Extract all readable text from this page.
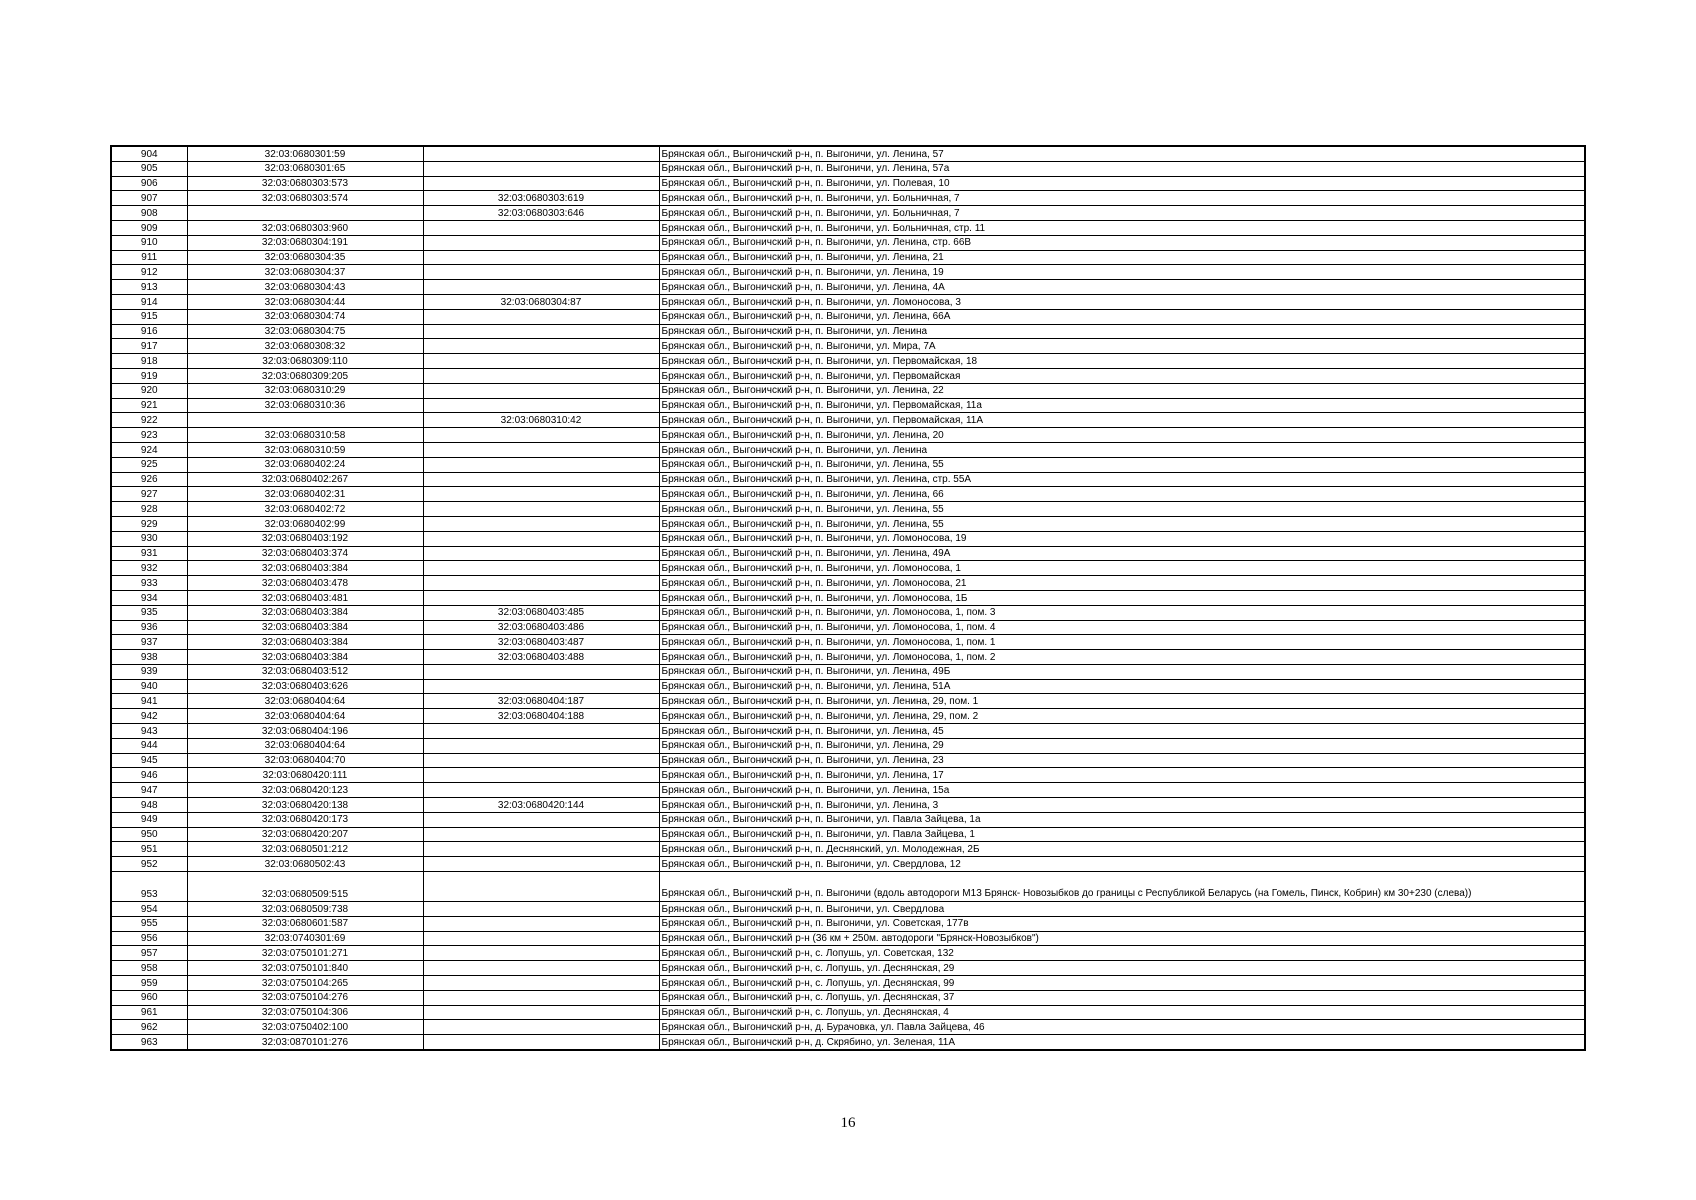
904	32:03:0680301:59		Брянская обл., Выгоничский р-н, п. Выгоничи, ул. Ленина, 57
905	32:03:0680301:65		Брянская обл., Выгоничский р-н, п. Выгоничи, ул. Ленина, 57а
906	32:03:0680303:573		Брянская обл., Выгоничский р-н, п. Выгоничи, ул. Полевая, 10
907	32:03:0680303:574	32:03:0680303:619	Брянская обл., Выгоничский р-н, п. Выгоничи, ул. Больничная, 7
908		32:03:0680303:646	Брянская обл., Выгоничский р-н, п. Выгоничи, ул. Больничная, 7
909	32:03:0680303:960		Брянская обл., Выгоничский р-н, п. Выгоничи, ул. Больничная, стр. 11
910	32:03:0680304:191		Брянская обл., Выгоничский р-н, п. Выгоничи, ул. Ленина, стр. 66В
911	32:03:0680304:35		Брянская обл., Выгоничский р-н, п. Выгоничи, ул. Ленина, 21
912	32:03:0680304:37		Брянская обл., Выгоничский р-н, п. Выгоничи, ул. Ленина, 19
913	32:03:0680304:43		Брянская обл., Выгоничский р-н, п. Выгоничи, ул. Ленина, 4А
914	32:03:0680304:44	32:03:0680304:87	Брянская обл., Выгоничский р-н, п. Выгоничи, ул. Ломоносова, 3
915	32:03:0680304:74		Брянская обл., Выгоничский р-н, п. Выгоничи, ул. Ленина, 66А
916	32:03:0680304:75		Брянская обл., Выгоничский р-н, п. Выгоничи, ул. Ленина
917	32:03:0680308:32		Брянская обл., Выгоничский р-н, п. Выгоничи, ул. Мира, 7А
918	32:03:0680309:110		Брянская обл., Выгоничский р-н, п. Выгоничи, ул. Первомайская, 18
919	32:03:0680309:205		Брянская обл., Выгоничский р-н, п. Выгоничи, ул. Первомайская
920	32:03:0680310:29		Брянская обл., Выгоничский р-н, п. Выгоничи, ул. Ленина, 22
921	32:03:0680310:36		Брянская обл., Выгоничский р-н, п. Выгоничи, ул. Первомайская, 11а
922		32:03:0680310:42	Брянская обл., Выгоничский р-н, п. Выгоничи, ул. Первомайская, 11А
923	32:03:0680310:58		Брянская обл., Выгоничский р-н, п. Выгоничи, ул. Ленина, 20
924	32:03:0680310:59		Брянская обл., Выгоничский р-н, п. Выгоничи, ул. Ленина
925	32:03:0680402:24		Брянская обл., Выгоничский р-н, п. Выгоничи, ул. Ленина, 55
926	32:03:0680402:267		Брянская обл., Выгоничский р-н, п. Выгоничи, ул. Ленина, стр. 55А
927	32:03:0680402:31		Брянская обл., Выгоничский р-н, п. Выгоничи, ул. Ленина, 66
928	32:03:0680402:72		Брянская обл., Выгоничский р-н, п. Выгоничи, ул. Ленина, 55
929	32:03:0680402:99		Брянская обл., Выгоничский р-н, п. Выгоничи, ул. Ленина, 55
930	32:03:0680403:192		Брянская обл., Выгоничский р-н, п. Выгоничи, ул. Ломоносова, 19
931	32:03:0680403:374		Брянская обл., Выгоничский р-н, п. Выгоничи, ул. Ленина, 49А
932	32:03:0680403:384		Брянская обл., Выгоничский р-н, п. Выгоничи, ул. Ломоносова, 1
933	32:03:0680403:478		Брянская обл., Выгоничский р-н, п. Выгоничи, ул. Ломоносова, 21
934	32:03:0680403:481		Брянская обл., Выгоничский р-н, п. Выгоничи, ул. Ломоносова, 1Б
935	32:03:0680403:384	32:03:0680403:485	Брянская обл., Выгоничский р-н, п. Выгоничи, ул. Ломоносова, 1, пом. 3
936	32:03:0680403:384	32:03:0680403:486	Брянская обл., Выгоничский р-н, п. Выгоничи, ул. Ломоносова, 1, пом. 4
937	32:03:0680403:384	32:03:0680403:487	Брянская обл., Выгоничский р-н, п. Выгоничи, ул. Ломоносова, 1, пом. 1
938	32:03:0680403:384	32:03:0680403:488	Брянская обл., Выгоничский р-н, п. Выгоничи, ул. Ломоносова, 1, пом. 2
939	32:03:0680403:512		Брянская обл., Выгоничский р-н, п. Выгоничи, ул. Ленина, 49Б
940	32:03:0680403:626		Брянская обл., Выгоничский р-н, п. Выгоничи, ул. Ленина, 51А
941	32:03:0680404:64	32:03:0680404:187	Брянская обл., Выгоничский р-н, п. Выгоничи, ул. Ленина, 29, пом. 1
942	32:03:0680404:64	32:03:0680404:188	Брянская обл., Выгоничский р-н, п. Выгоничи, ул. Ленина, 29, пом. 2
943	32:03:0680404:196		Брянская обл., Выгоничский р-н, п. Выгоничи, ул. Ленина, 45
944	32:03:0680404:64		Брянская обл., Выгоничский р-н, п. Выгоничи, ул. Ленина, 29
945	32:03:0680404:70		Брянская обл., Выгоничский р-н, п. Выгоничи, ул. Ленина, 23
946	32:03:0680420:111		Брянская обл., Выгоничский р-н, п. Выгоничи, ул. Ленина, 17
947	32:03:0680420:123		Брянская обл., Выгоничский р-н, п. Выгоничи, ул. Ленина, 15а
948	32:03:0680420:138	32:03:0680420:144	Брянская обл., Выгоничский р-н, п. Выгоничи, ул. Ленина, 3
949	32:03:0680420:173		Брянская обл., Выгоничский р-н, п. Выгоничи, ул. Павла Зайцева, 1а
950	32:03:0680420:207		Брянская обл., Выгоничский р-н, п. Выгоничи, ул. Павла Зайцева, 1
951	32:03:0680501:212		Брянская обл., Выгоничский р-н, п. Деснянский, ул. Молодежная, 2Б
952	32:03:0680502:43		Брянская обл., Выгоничский р-н, п. Выгоничи, ул. Свердлова, 12
953	32:03:0680509:515		Брянская обл., Выгоничский р-н, п. Выгоничи (вдоль автодороги М13 Брянск- Новозыбков до границы с Республикой Беларусь (на Гомель, Пинск, Кобрин) км 30+230 (слева))
954	32:03:0680509:738		Брянская обл., Выгоничский р-н, п. Выгоничи, ул. Свердлова
955	32:03:0680601:587		Брянская обл., Выгоничский р-н, п. Выгоничи, ул. Советская, 177в
956	32:03:0740301:69		Брянская обл., Выгоничский р-н (36 км + 250м. автодороги "Брянск-Новозыбков")
957	32:03:0750101:271		Брянская обл., Выгоничский р-н, с. Лопушь, ул. Советская, 132
958	32:03:0750101:840		Брянская обл., Выгоничский р-н, с. Лопушь, ул. Деснянская, 29
959	32:03:0750104:265		Брянская обл., Выгоничский р-н, с. Лопушь, ул. Деснянская, 99
960	32:03:0750104:276		Брянская обл., Выгоничский р-н, с. Лопушь, ул. Деснянская, 37
961	32:03:0750104:306		Брянская обл., Выгоничский р-н, с. Лопушь, ул. Деснянская, 4
962	32:03:0750402:100		Брянская обл., Выгоничский р-н, д. Бурачовка, ул. Павла Зайцева, 46
963	32:03:0870101:276		Брянская обл., Выгоничский р-н, д. Скрябино, ул. Зеленая, 11А
16
